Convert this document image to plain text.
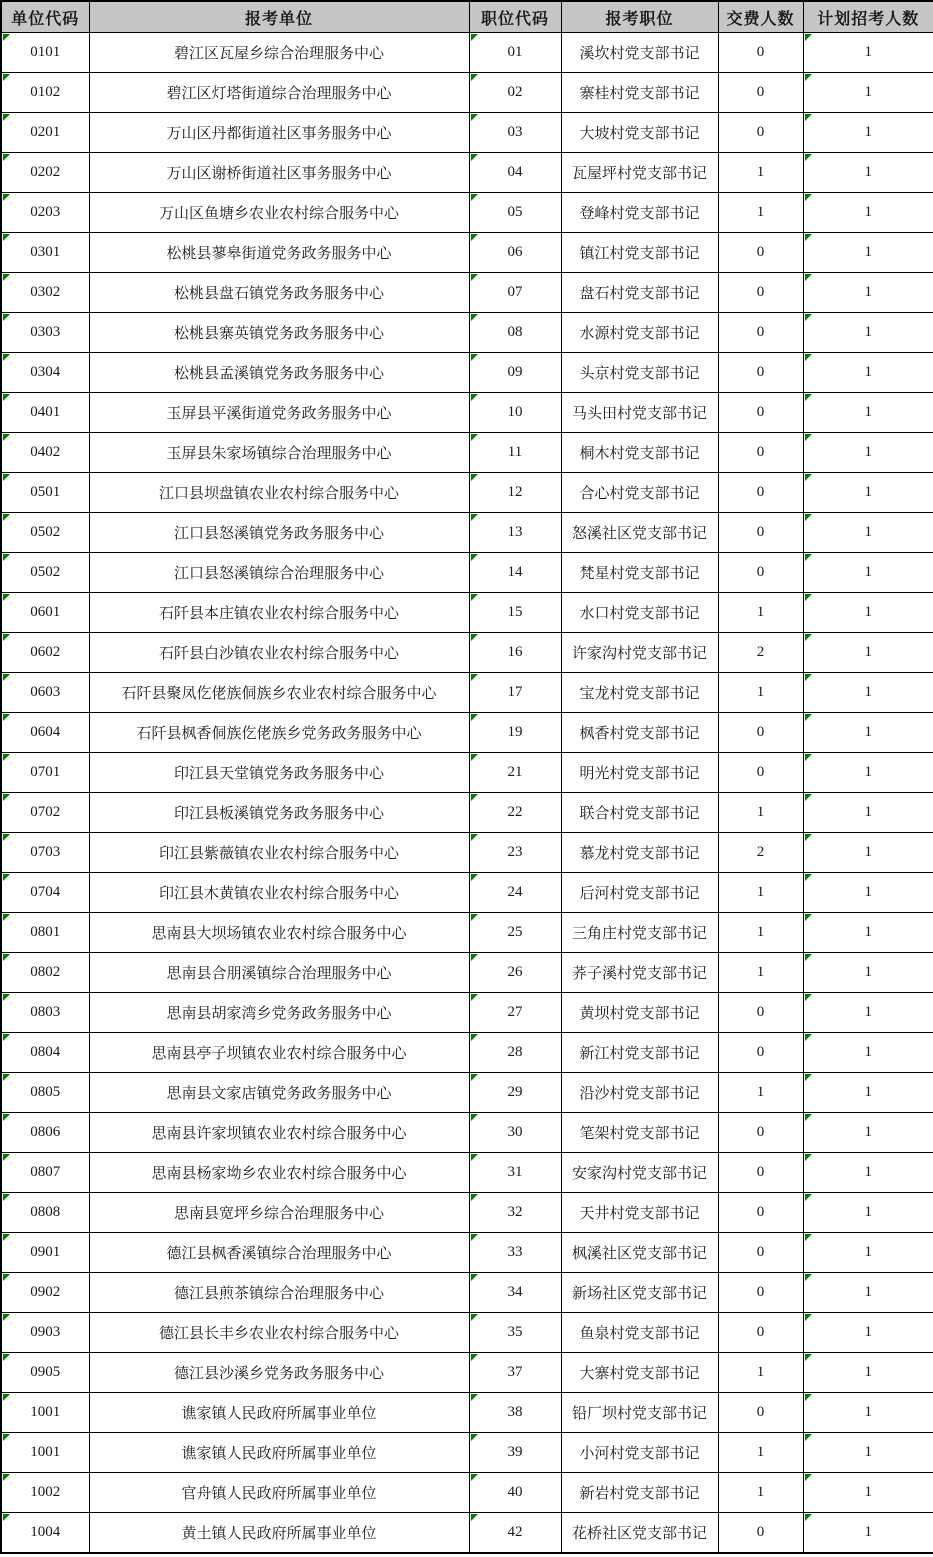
单位代码	报考单位	职位代码	报考职位	交费人数	计划招考人数
0101	碧江区瓦屋乡综合治理服务中心	01	溪坎村党支部书记	0	1
0102	碧江区灯塔街道综合治理服务中心	02	寨桂村党支部书记	0	1
0201	万山区丹都街道社区事务服务中心	03	大坡村党支部书记	0	1
0202	万山区谢桥街道社区事务服务中心	04	瓦屋坪村党支部书记	1	1
0203	万山区鱼塘乡农业农村综合服务中心	05	登峰村党支部书记	1	1
0301	松桃县蓼皋街道党务政务服务中心	06	镇江村党支部书记	0	1
0302	松桃县盘石镇党务政务服务中心	07	盘石村党支部书记	0	1
0303	松桃县寨英镇党务政务服务中心	08	水源村党支部书记	0	1
0304	松桃县孟溪镇党务政务服务中心	09	头京村党支部书记	0	1
0401	玉屏县平溪街道党务政务服务中心	10	马头田村党支部书记	0	1
0402	玉屏县朱家场镇综合治理服务中心	11	桐木村党支部书记	0	1
0501	江口县坝盘镇农业农村综合服务中心	12	合心村党支部书记	0	1
0502	江口县怒溪镇党务政务服务中心	13	怒溪社区党支部书记	0	1
0502	江口县怒溪镇综合治理服务中心	14	梵星村党支部书记	0	1
0601	石阡县本庄镇农业农村综合服务中心	15	水口村党支部书记	1	1
0602	石阡县白沙镇农业农村综合服务中心	16	许家沟村党支部书记	2	1
0603	石阡县聚凤仡佬族侗族乡农业农村综合服务中心	17	宝龙村党支部书记	1	1
0604	石阡县枫香侗族仡佬族乡党务政务服务中心	19	枫香村党支部书记	0	1
0701	印江县天堂镇党务政务服务中心	21	明光村党支部书记	0	1
0702	印江县板溪镇党务政务服务中心	22	联合村党支部书记	1	1
0703	印江县紫薇镇农业农村综合服务中心	23	慕龙村党支部书记	2	1
0704	印江县木黄镇农业农村综合服务中心	24	后河村党支部书记	1	1
0801	思南县大坝场镇农业农村综合服务中心	25	三角庄村党支部书记	1	1
0802	思南县合朋溪镇综合治理服务中心	26	荞子溪村党支部书记	1	1
0803	思南县胡家湾乡党务政务服务中心	27	黄坝村党支部书记	0	1
0804	思南县亭子坝镇农业农村综合服务中心	28	新江村党支部书记	0	1
0805	思南县文家店镇党务政务服务中心	29	沿沙村党支部书记	1	1
0806	思南县许家坝镇农业农村综合服务中心	30	笔架村党支部书记	0	1
0807	思南县杨家坳乡农业农村综合服务中心	31	安家沟村党支部书记	0	1
0808	思南县宽坪乡综合治理服务中心	32	天井村党支部书记	0	1
0901	德江县枫香溪镇综合治理服务中心	33	枫溪社区党支部书记	0	1
0902	德江县煎茶镇综合治理服务中心	34	新场社区党支部书记	0	1
0903	德江县长丰乡农业农村综合服务中心	35	鱼泉村党支部书记	0	1
0905	德江县沙溪乡党务政务服务中心	37	大寨村党支部书记	1	1
1001	谯家镇人民政府所属事业单位	38	铅厂坝村党支部书记	0	1
1001	谯家镇人民政府所属事业单位	39	小河村党支部书记	1	1
1002	官舟镇人民政府所属事业单位	40	新岩村党支部书记	1	1
1004	黄土镇人民政府所属事业单位	42	花桥社区党支部书记	0	1
